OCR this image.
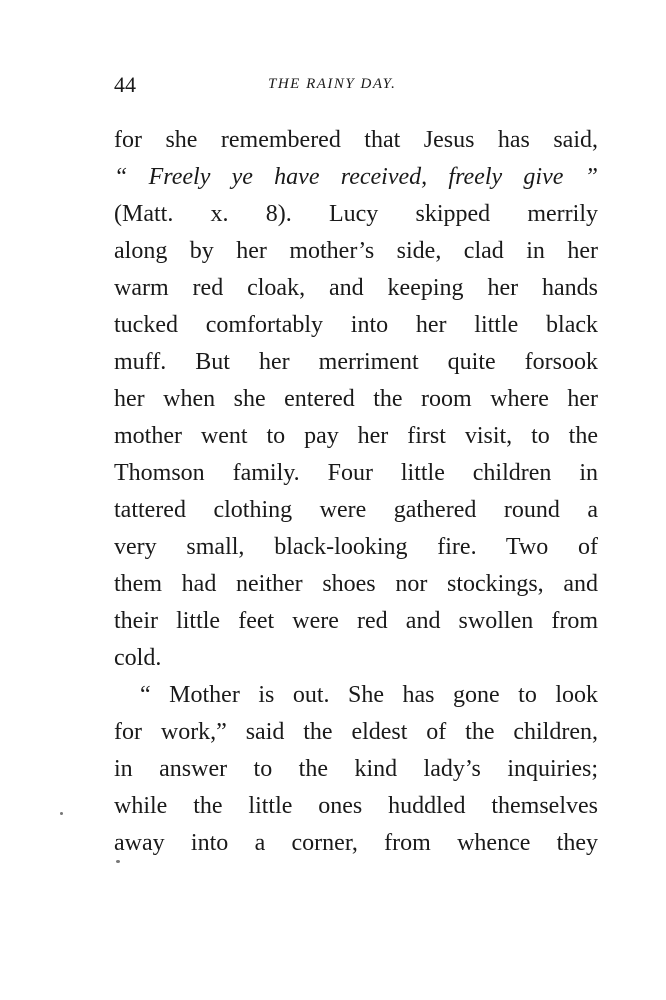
44	THE RAINY DAY.
for she remembered that Jesus has said,
“ Freely ye have received, freely give ”
(Matt. x. 8). Lucy skipped merrily
along by her mother’s side, clad in her
warm red cloak, and keeping her hands
tucked comfortably into her little black
muff. But her merriment quite forsook
her when she entered the room where her
mother went to pay her first visit, to the
Thomson family. Four little children in
tattered clothing were gathered round a
very small, black-looking fire. Two of
them had neither shoes nor stockings, and
their little feet were red and swollen from
cold.
“ Mother is out. She has gone to look
for work,” said the eldest of the children,
in answer to the kind lady’s inquiries;
while the little ones huddled themselves
away into a corner, from whence they
